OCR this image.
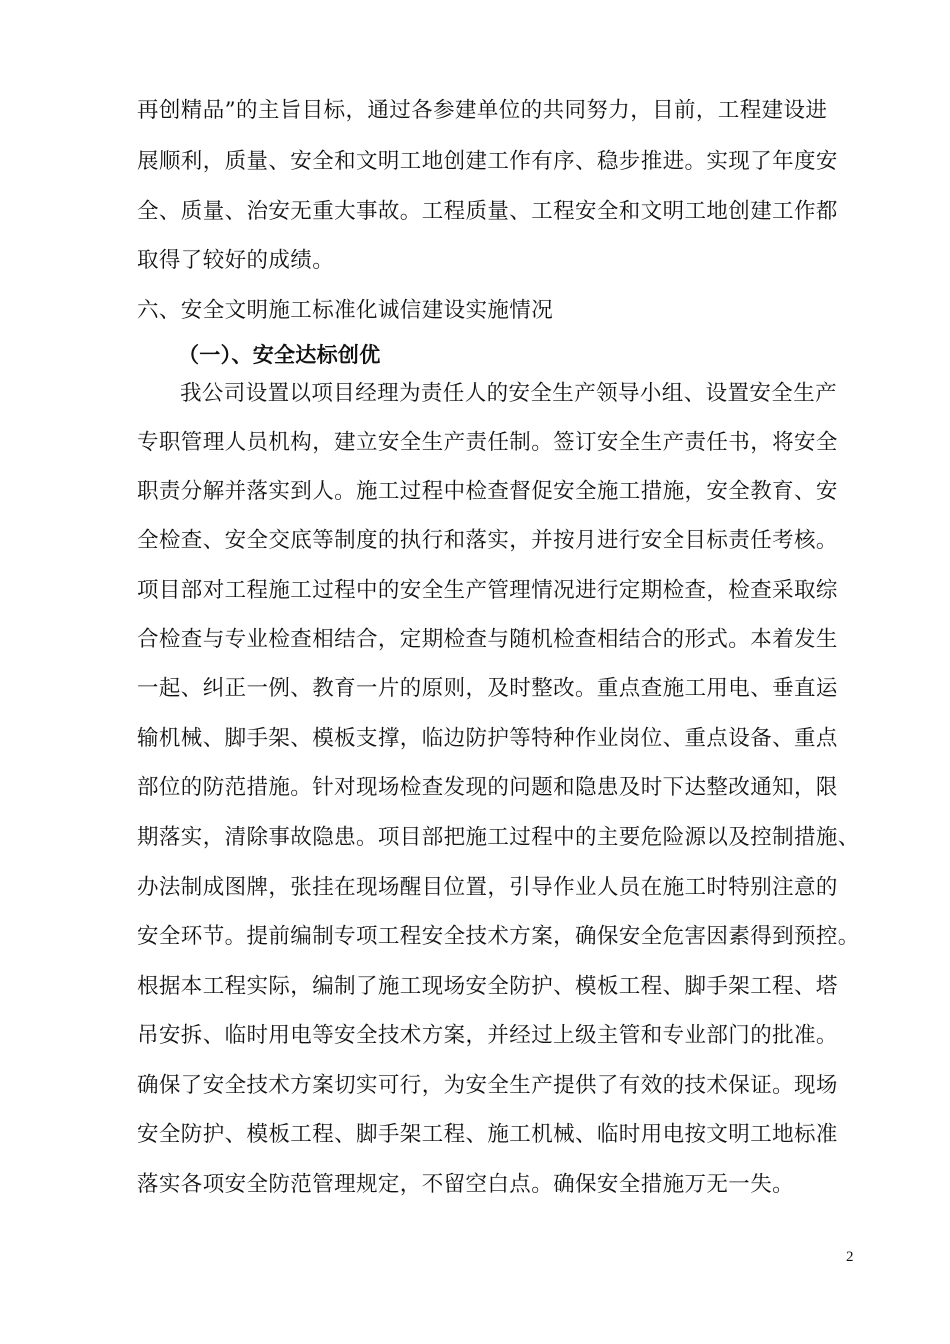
再创精品”的主旨目标，通过各参建单位的共同努力，目前，工程建设进
展顺利，质量、安全和文明工地创建工作有序、稳步推进。实现了年度安
全、质量、治安无重大事故。工程质量、工程安全和文明工地创建工作都
取得了较好的成绩。
六、安全文明施工标准化诚信建设实施情况
（一）、安全达标创优
我公司设置以项目经理为责任人的安全生产领导小组、设置安全生产
专职管理人员机构，建立安全生产责任制。签订安全生产责任书，将安全
职责分解并落实到人。施工过程中检查督促安全施工措施，安全教育、安
全检查、安全交底等制度的执行和落实，并按月进行安全目标责任考核。
项目部对工程施工过程中的安全生产管理情况进行定期检查，检查采取综
合检查与专业检查相结合，定期检查与随机检查相结合的形式。本着发生
一起、纠正一例、教育一片的原则，及时整改。重点查施工用电、垂直运
输机械、脚手架、模板支撑，临边防护等特种作业岗位、重点设备、重点
部位的防范措施。针对现场检查发现的问题和隐患及时下达整改通知，限
期落实，清除事故隐患。项目部把施工过程中的主要危险源以及控制措施、
办法制成图牌，张挂在现场醒目位置，引导作业人员在施工时特别注意的
安全环节。提前编制专项工程安全技术方案，确保安全危害因素得到预控。
根据本工程实际，编制了施工现场安全防护、模板工程、脚手架工程、塔
吊安拆、临时用电等安全技术方案，并经过上级主管和专业部门的批准。
确保了安全技术方案切实可行，为安全生产提供了有效的技术保证。现场
安全防护、模板工程、脚手架工程、施工机械、临时用电按文明工地标准
落实各项安全防范管理规定，不留空白点。确保安全措施万无一失。
2
